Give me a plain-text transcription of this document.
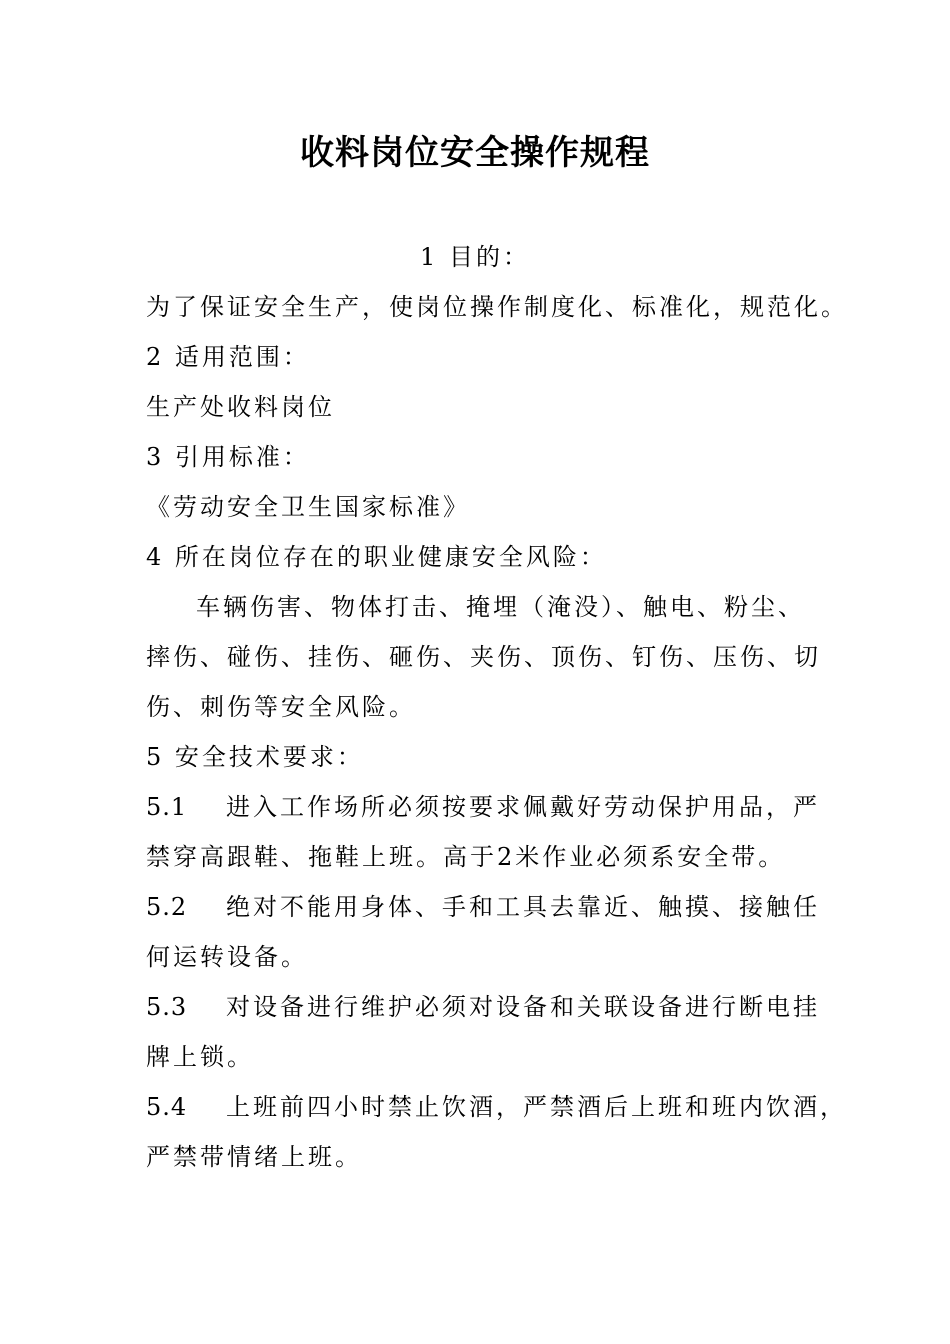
收料岗位安全操作规程
1 目的：
为了保证安全生产，使岗位操作制度化、标准化，规范化。
2 适用范围：
生产处收料岗位
3 引用标准：
《劳动安全卫生国家标准》
4 所在岗位存在的职业健康安全风险：
车辆伤害、物体打击、掩埋（淹没）、触电、粉尘、
摔伤、碰伤、挂伤、砸伤、夹伤、顶伤、钉伤、压伤、切
伤、刺伤等安全风险。
5 安全技术要求：
5.1 进入工作场所必须按要求佩戴好劳动保护用品，严
禁穿高跟鞋、拖鞋上班。高于2米作业必须系安全带。
5.2 绝对不能用身体、手和工具去靠近、触摸、接触任
何运转设备。
5.3 对设备进行维护必须对设备和关联设备进行断电挂
牌上锁。
5.4 上班前四小时禁止饮酒，严禁酒后上班和班内饮酒，
严禁带情绪上班。
